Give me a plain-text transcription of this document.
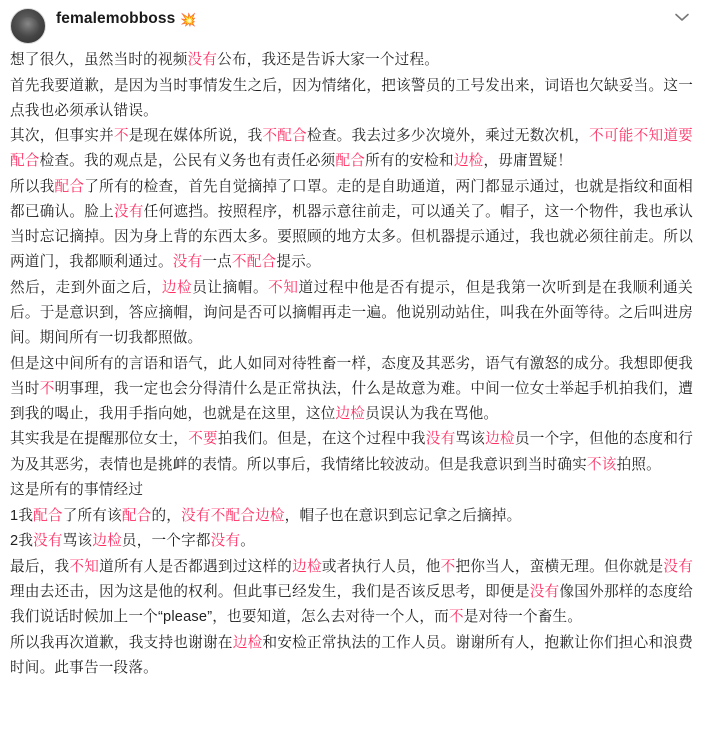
femalemobboss 💥

想了很久，虽然当时的视频没有公布，我还是告诉大家一个过程。

首先我要道歉，是因为当时事情发生之后，因为情绪化，把该警员的工号发出来，词语也欠缺妥当。这一点我也必须承认错误。

其次，但事实并不是现在媒体所说，我不配合检查。我去过多少次境外，乘过无数次机，不可能不知道要配合检查。我的观点是，公民有义务也有责任必须配合所有的安检和边检，毋庸置疑！

所以我配合了所有的检查，首先自觉摘掉了口罩。走的是自助通道，两门都显示通过，也就是指纹和面相都已确认。脸上没有任何遮挡。按照程序，机器示意往前走，可以通关了。帽子，这一个物件，我也承认当时忘记摘掉。因为身上背的东西太多。要照顾的地方太多。但机器提示通过，我也就必须往前走。所以两道门，我都顺利通过。没有一点不配合提示。

然后，走到外面之后，边检员让摘帽。不知道过程中他是否有提示，但是我第一次听到是在我顺利通关后。于是意识到，答应摘帽，询问是否可以摘帽再走一遍。他说别动站住，叫我在外面等待。之后叫进房间。期间所有一切我都照做。

但是这中间所有的言语和语气，此人如同对待牲畜一样，态度及其恶劣，语气有激怒的成分。我想即便我当时不明事理，我一定也会分得清什么是正常执法，什么是故意为难。中间一位女士举起手机拍我们，遭到我的喝止，我用手指向她，也就是在这里，这位边检员误认为我在骂他。

其实我是在提醒那位女士，不要拍我们。但是，在这个过程中我没有骂该边检员一个字，但他的态度和行为及其恶劣，表情也是挑衅的表情。所以事后，我情绪比较波动。但是我意识到当时确实不该拍照。

这是所有的事情经过

1我配合了所有该配合的，没有不配合边检，帽子也在意识到忘记拿之后摘掉。

2我没有骂该边检员，一个字都没有。

最后，我不知道所有人是否都遇到过这样的边检或者执行人员，他不把你当人，蛮横无理。但你就是没有理由去还击，因为这是他的权利。但此事已经发生，我们是否该反思考，即便是没有像国外那样的态度给我们说话时候加上一个“please”，也要知道，怎么去对待一个人，而不是对待一个畜生。

所以我再次道歉，我支持也谢谢在边检和安检正常执法的工作人员。谢谢所有人，抱歉让你们担心和浪费时间。此事告一段落。
